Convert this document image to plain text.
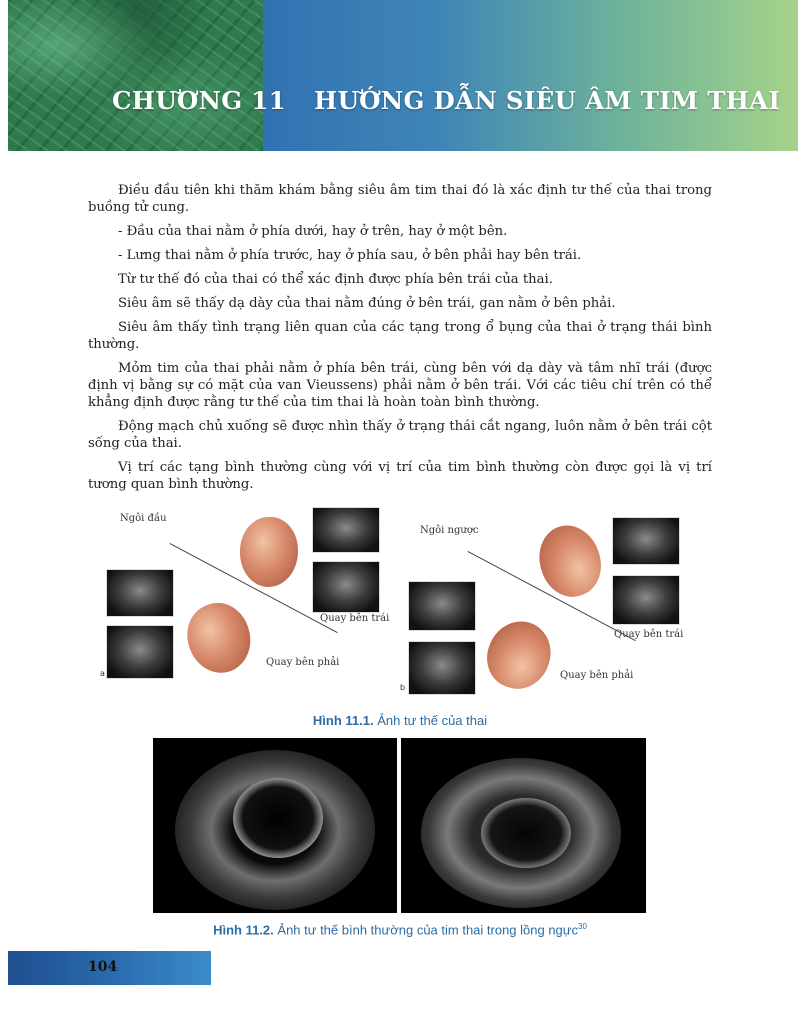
CHƯƠNG 11 HƯỚNG DẪN SIÊU ÂM TIM THAI

Điều đầu tiên khi thăm khám bằng siêu âm tim thai đó là xác định tư thế của thai trong buồng tử cung.

- Đầu của thai nằm ở phía dưới, hay ở trên, hay ở một bên.

- Lưng thai nằm ở phía trước, hay ở phía sau, ở bên phải hay bên trái.

Từ tư thế đó của thai có thể xác định được phía bên trái của thai.

Siêu âm sẽ thấy dạ dày của thai nằm đúng ở bên trái, gan nằm ở bên phải.

Siêu âm thấy tình trạng liên quan của các tạng trong ổ bụng của thai ở trạng thái bình thường.

Mỏm tim của thai phải nằm ở phía bên trái, cùng bên với dạ dày và tâm nhĩ trái (được định vị bằng sự có mặt của van Vieussens) phải nằm ở bên trái. Với các tiêu chí trên có thể khẳng định được rằng tư thế của tim thai là hoàn toàn bình thường.

Động mạch chủ xuống sẽ được nhìn thấy ở trạng thái cắt ngang, luôn nằm ở bên trái cột sống của thai.

Vị trí các tạng bình thường cùng với vị trí của tim bình thường còn được gọi là vị trí tương quan bình thường.

Ngôi đầu
Quay bên trái
Quay bên phải
a
Ngôi ngược
Quay bên trái
Quay bên phải
b
Hình 11.1. Ảnh tư thế của thai
Hình 11.2. Ảnh tư thế bình thường của tim thai trong lồng ngực$^{30}$
104
